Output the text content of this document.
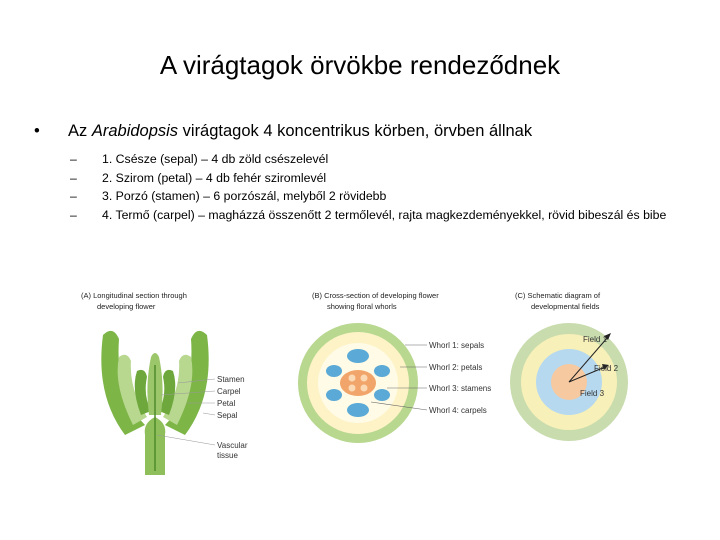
A virágtagok örvökbe rendeződnek
• Az Arabidopsis virágtagok 4 koncentrikus körben, örvben állnak
– 1. Csésze (sepal) – 4 db zöld csészelevél
– 2. Szirom (petal) – 4 db fehér sziromlevél
– 3. Porzó (stamen) – 6 porzószál, melyből 2 rövidebb
– 4. Termő (carpel) – magházzá összenőtt 2 termőlevél, rajta magkezdeményekkel, rövid bibeszál és bibe
(A) Longitudinal section through
developing flower
Stamen
Carpel
Petal
Sepal
Vascular
tissue
(B) Cross-section of developing flower
showing floral whorls
Whorl 1: sepals
Whorl 2: petals
Whorl 3: stamens
Whorl 4: carpels
(C) Schematic diagram of
developmental fields
Field 1
Field 2
Field 3
